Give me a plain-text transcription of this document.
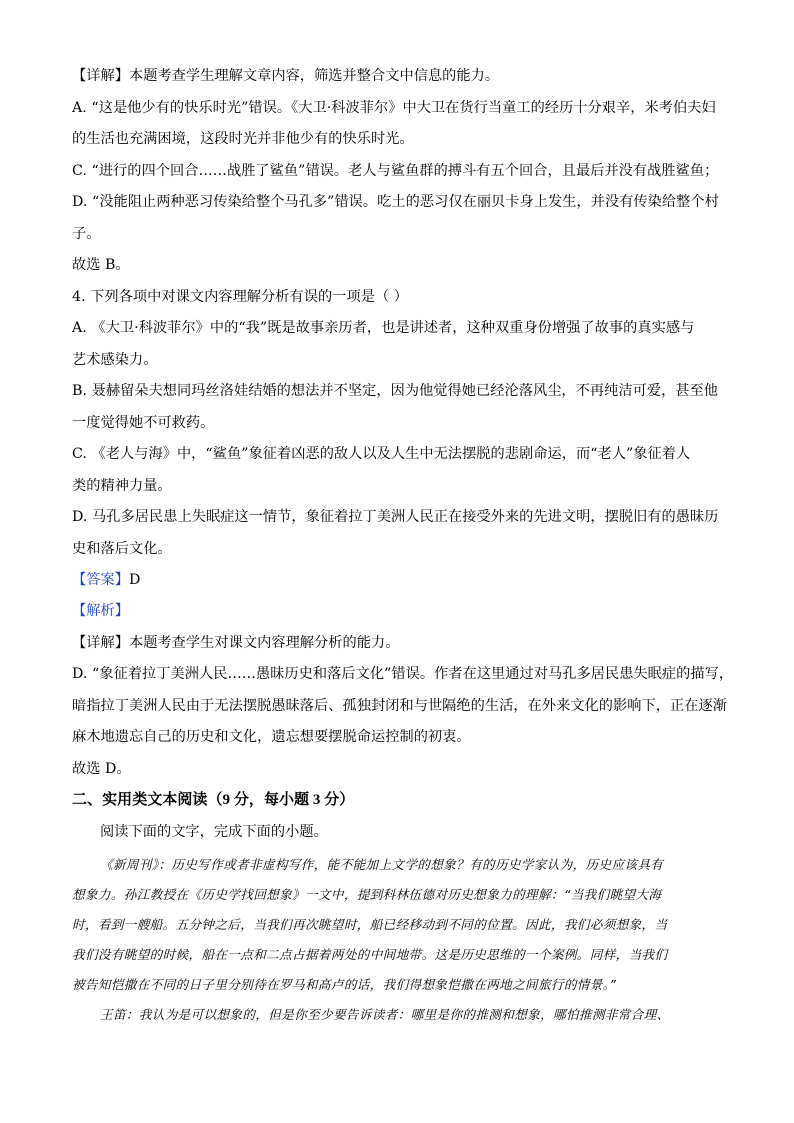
【详解】本题考查学生理解文章内容，筛选并整合文中信息的能力。
A. “这是他少有的快乐时光”错误。《大卫·科波菲尔》中大卫在货行当童工的经历十分艰辛，米考伯夫妇
的生活也充满困境，这段时光并非他少有的快乐时光。
C. “进行的四个回合……战胜了鲨鱼”错误。老人与鲨鱼群的搏斗有五个回合，且最后并没有战胜鲨鱼；
D. “没能阻止两种恶习传染给整个马孔多”错误。吃土的恶习仅在丽贝卡身上发生，并没有传染给整个村
子。
故选 B。
4. 下列各项中对课文内容理解分析有误的一项是（ ）
A. 《大卫·科波菲尔》中的“我”既是故事亲历者，也是讲述者，这种双重身份增强了故事的真实感与
艺术感染力。
B. 聂赫留朵夫想同玛丝洛娃结婚的想法并不坚定，因为他觉得她已经沦落风尘，不再纯洁可爱，甚至他
一度觉得她不可救药。
C. 《老人与海》中，“鲨鱼”象征着凶恶的敌人以及人生中无法摆脱的悲剧命运，而“老人”象征着人
类的精神力量。
D. 马孔多居民患上失眠症这一情节，象征着拉丁美洲人民正在接受外来的先进文明，摆脱旧有的愚昧历
史和落后文化。
【答案】D
【解析】
【详解】本题考查学生对课文内容理解分析的能力。
D. “象征着拉丁美洲人民……愚昧历史和落后文化”错误。作者在这里通过对马孔多居民患失眠症的描写，
暗指拉丁美洲人民由于无法摆脱愚昧落后、孤独封闭和与世隔绝的生活，在外来文化的影响下，正在逐渐
麻木地遗忘自己的历史和文化，遗忘想要摆脱命运控制的初衷。
故选 D。
二、实用类文本阅读（9 分，每小题 3 分）
阅读下面的文字，完成下面的小题。
《新周刊》：历史写作或者非虚构写作，能不能加上文学的想象？有的历史学家认为，历史应该具有
想象力。孙江教授在《历史学找回想象》一文中，提到科林伍德对历史想象力的理解：“当我们眺望大海
时，看到一艘船。五分钟之后，当我们再次眺望时，船已经移动到不同的位置。因此，我们必须想象，当
我们没有眺望的时候，船在一点和二点占据着两处的中间地带。这是历史思维的一个案例。同样，当我们
被告知恺撒在不同的日子里分别待在罗马和高卢的话，我们得想象恺撒在两地之间旅行的情景。”
王笛：我认为是可以想象的，但是你至少要告诉读者：哪里是你的推测和想象，哪怕推测非常合理、
